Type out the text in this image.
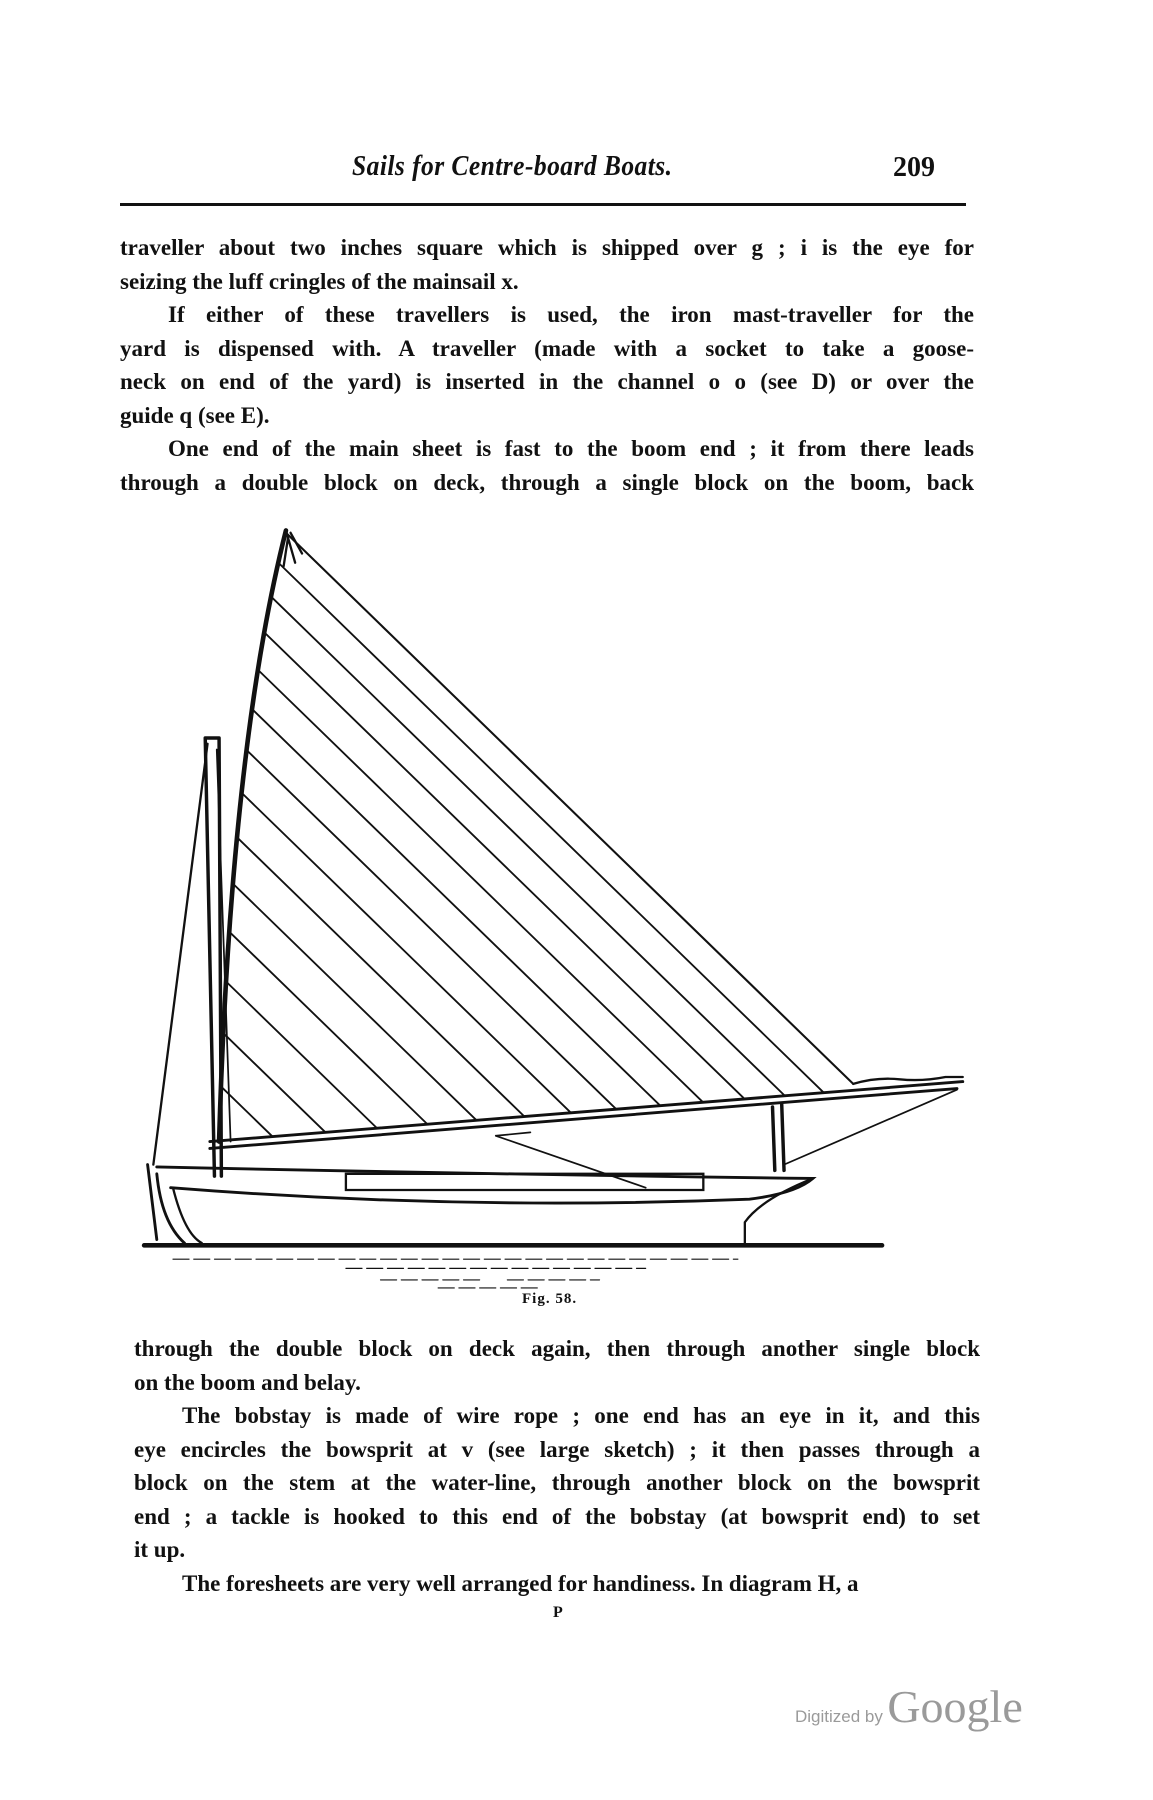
Sails for Centre-board Boats.	209
traveller about two inches square which is shipped over g ; i is the eye for
seizing the luff cringles of the mainsail x.
If either of these travellers is used, the iron mast-traveller for the
yard is dispensed with. A traveller (made with a socket to take a goose-
neck on end of the yard) is inserted in the channel o o (see D) or over the
guide q (see E).
One end of the main sheet is fast to the boom end ; it from there leads
through a double block on deck, through a single block on the boom, back
Fig. 58.
through the double block on deck again, then through another single block
on the boom and belay.
The bobstay is made of wire rope ; one end has an eye in it, and this
eye encircles the bowsprit at v (see large sketch) ; it then passes through a
block on the stem at the water-line, through another block on the bowsprit
end ; a tackle is hooked to this end of the bobstay (at bowsprit end) to set
it up.
The foresheets are very well arranged for handiness. In diagram H, a
P
Digitized by Google
